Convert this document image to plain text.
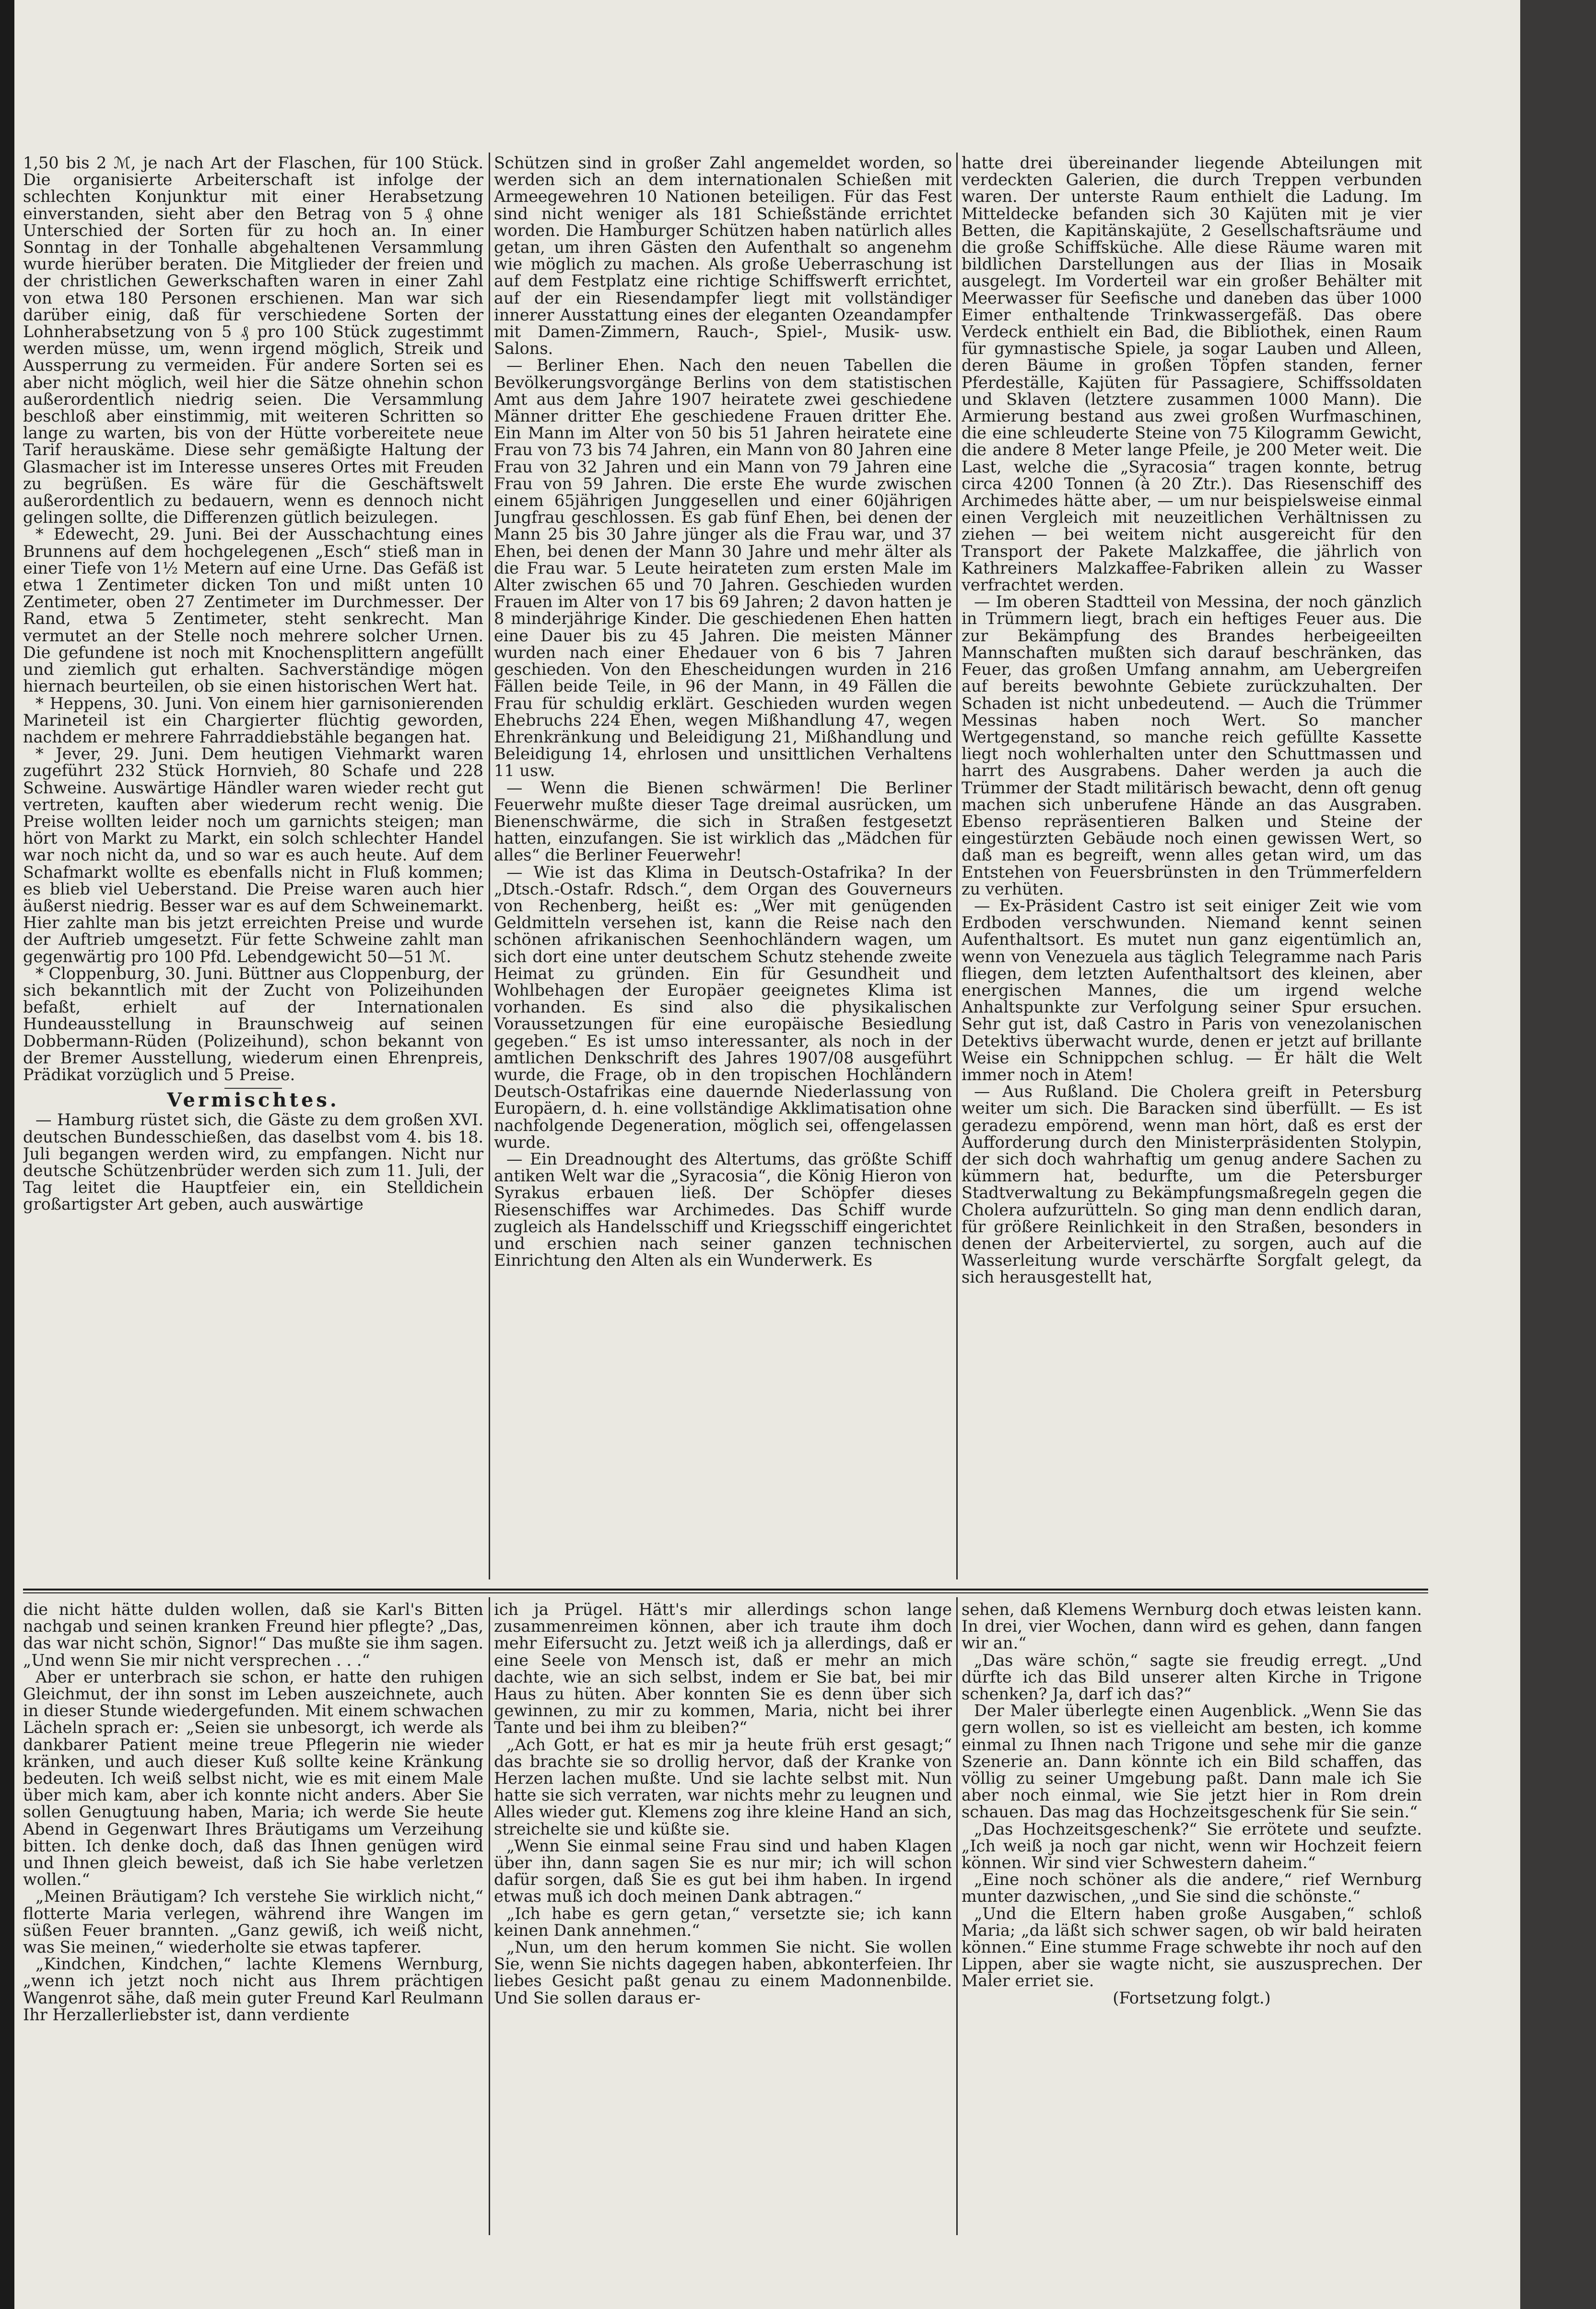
1,50 bis 2 ℳ, je nach Art der Flaschen, für 100 Stück. Die organisierte Arbeiterschaft ist infolge der schlechten Konjunktur mit einer Herabsetzung einverstanden, sieht aber den Betrag von 5 ₰ ohne Unterschied der Sorten für zu hoch an. In einer Sonntag in der Tonhalle abgehaltenen Versammlung wurde hierüber beraten. Die Mitglieder der freien und der christlichen Gewerkschaften waren in einer Zahl von etwa 180 Personen erschienen. Man war sich darüber einig, daß für verschiedene Sorten der Lohnherabsetzung von 5 ₰ pro 100 Stück zugestimmt werden müsse, um, wenn irgend möglich, Streik und Aussperrung zu vermeiden. Für andere Sorten sei es aber nicht möglich, weil hier die Sätze ohnehin schon außerordentlich niedrig seien. Die Versammlung beschloß aber einstimmig, mit weiteren Schritten so lange zu warten, bis von der Hütte vorbereitete neue Tarif herauskäme. Diese sehr gemäßigte Haltung der Glasmacher ist im Interesse unseres Ortes mit Freuden zu begrüßen. Es wäre für die Geschäftswelt außerordentlich zu bedauern, wenn es dennoch nicht gelingen sollte, die Differenzen gütlich beizulegen.

* Edewecht, 29. Juni. Bei der Ausschachtung eines Brunnens auf dem hochgelegenen „Esch“ stieß man in einer Tiefe von 1½ Metern auf eine Urne. Das Gefäß ist etwa 1 Zentimeter dicken Ton und mißt unten 10 Zentimeter, oben 27 Zentimeter im Durchmesser. Der Rand, etwa 5 Zentimeter, steht senkrecht. Man vermutet an der Stelle noch mehrere solcher Urnen. Die gefundene ist noch mit Knochensplittern angefüllt und ziemlich gut erhalten. Sachverständige mögen hiernach beurteilen, ob sie einen historischen Wert hat.

* Heppens, 30. Juni. Von einem hier garnisonierenden Marineteil ist ein Chargierter flüchtig geworden, nachdem er mehrere Fahrraddiebstähle begangen hat.

* Jever, 29. Juni. Dem heutigen Viehmarkt waren zugeführt 232 Stück Hornvieh, 80 Schafe und 228 Schweine. Auswärtige Händler waren wieder recht gut vertreten, kauften aber wiederum recht wenig. Die Preise wollten leider noch um garnichts steigen; man hört von Markt zu Markt, ein solch schlechter Handel war noch nicht da, und so war es auch heute. Auf dem Schafmarkt wollte es ebenfalls nicht in Fluß kommen; es blieb viel Ueberstand. Die Preise waren auch hier äußerst niedrig. Besser war es auf dem Schweinemarkt. Hier zahlte man bis jetzt erreichten Preise und wurde der Auftrieb umgesetzt. Für fette Schweine zahlt man gegenwärtig pro 100 Pfd. Lebendgewicht 50—51 ℳ.

* Cloppenburg, 30. Juni. Büttner aus Cloppenburg, der sich bekanntlich mit der Zucht von Polizeihunden befaßt, erhielt auf der Internationalen Hundeausstellung in Braunschweig auf seinen Dobbermann-Rüden (Polizeihund), schon bekannt von der Bremer Ausstellung, wiederum einen Ehrenpreis, Prädikat vorzüglich und 5 Preise.

Vermischtes.

— Hamburg rüstet sich, die Gäste zu dem großen XVI. deutschen Bundesschießen, das daselbst vom 4. bis 18. Juli begangen werden wird, zu empfangen. Nicht nur deutsche Schützenbrüder werden sich zum 11. Juli, der Tag leitet die Hauptfeier ein, ein Stelldichein großartigster Art geben, auch auswärtige

Schützen sind in großer Zahl angemeldet worden, so werden sich an dem internationalen Schießen mit Armeegewehren 10 Nationen beteiligen. Für das Fest sind nicht weniger als 181 Schießstände errichtet worden. Die Hamburger Schützen haben natürlich alles getan, um ihren Gästen den Aufenthalt so angenehm wie möglich zu machen. Als große Ueberraschung ist auf dem Festplatz eine richtige Schiffswerft errichtet, auf der ein Riesendampfer liegt mit vollständiger innerer Ausstattung eines der eleganten Ozeandampfer mit Damen-Zimmern, Rauch-, Spiel-, Musik- usw. Salons.

— Berliner Ehen. Nach den neuen Tabellen die Bevölkerungsvorgänge Berlins von dem statistischen Amt aus dem Jahre 1907 heiratete zwei geschiedene Männer dritter Ehe geschiedene Frauen dritter Ehe. Ein Mann im Alter von 50 bis 51 Jahren heiratete eine Frau von 73 bis 74 Jahren, ein Mann von 80 Jahren eine Frau von 32 Jahren und ein Mann von 79 Jahren eine Frau von 59 Jahren. Die erste Ehe wurde zwischen einem 65jährigen Junggesellen und einer 60jährigen Jungfrau geschlossen. Es gab fünf Ehen, bei denen der Mann 25 bis 30 Jahre jünger als die Frau war, und 37 Ehen, bei denen der Mann 30 Jahre und mehr älter als die Frau war. 5 Leute heirateten zum ersten Male im Alter zwischen 65 und 70 Jahren. Geschieden wurden Frauen im Alter von 17 bis 69 Jahren; 2 davon hatten je 8 minderjährige Kinder. Die geschiedenen Ehen hatten eine Dauer bis zu 45 Jahren. Die meisten Männer wurden nach einer Ehedauer von 6 bis 7 Jahren geschieden. Von den Ehescheidungen wurden in 216 Fällen beide Teile, in 96 der Mann, in 49 Fällen die Frau für schuldig erklärt. Geschieden wurden wegen Ehebruchs 224 Ehen, wegen Mißhandlung 47, wegen Ehrenkränkung und Beleidigung 21, Mißhandlung und Beleidigung 14, ehrlosen und unsittlichen Verhaltens 11 usw.

— Wenn die Bienen schwärmen! Die Berliner Feuerwehr mußte dieser Tage dreimal ausrücken, um Bienenschwärme, die sich in Straßen festgesetzt hatten, einzufangen. Sie ist wirklich das „Mädchen für alles“ die Berliner Feuerwehr!

— Wie ist das Klima in Deutsch-Ostafrika? In der „Dtsch.-Ostafr. Rdsch.“, dem Organ des Gouverneurs von Rechenberg, heißt es: „Wer mit genügenden Geldmitteln versehen ist, kann die Reise nach den schönen afrikanischen Seenhochländern wagen, um sich dort eine unter deutschem Schutz stehende zweite Heimat zu gründen. Ein für Gesundheit und Wohlbehagen der Europäer geeignetes Klima ist vorhanden. Es sind also die physikalischen Voraussetzungen für eine europäische Besiedlung gegeben.“ Es ist umso interessanter, als noch in der amtlichen Denkschrift des Jahres 1907/08 ausgeführt wurde, die Frage, ob in den tropischen Hochländern Deutsch-Ostafrikas eine dauernde Niederlassung von Europäern, d. h. eine vollständige Akklimatisation ohne nachfolgende Degeneration, möglich sei, offengelassen wurde.

— Ein Dreadnought des Altertums, das größte Schiff antiken Welt war die „Syracosia“, die König Hieron von Syrakus erbauen ließ. Der Schöpfer dieses Riesenschiffes war Archimedes. Das Schiff wurde zugleich als Handelsschiff und Kriegsschiff eingerichtet und erschien nach seiner ganzen technischen Einrichtung den Alten als ein Wunderwerk. Es

hatte drei übereinander liegende Abteilungen mit verdeckten Galerien, die durch Treppen verbunden waren. Der unterste Raum enthielt die Ladung. Im Mitteldecke befanden sich 30 Kajüten mit je vier Betten, die Kapitänskajüte, 2 Gesellschaftsräume und die große Schiffsküche. Alle diese Räume waren mit bildlichen Darstellungen aus der Ilias in Mosaik ausgelegt. Im Vorderteil war ein großer Behälter mit Meerwasser für Seefische und daneben das über 1000 Eimer enthaltende Trinkwassergefäß. Das obere Verdeck enthielt ein Bad, die Bibliothek, einen Raum für gymnastische Spiele, ja sogar Lauben und Alleen, deren Bäume in großen Töpfen standen, ferner Pferdeställe, Kajüten für Passagiere, Schiffssoldaten und Sklaven (letztere zusammen 1000 Mann). Die Armierung bestand aus zwei großen Wurfmaschinen, die eine schleuderte Steine von 75 Kilogramm Gewicht, die andere 8 Meter lange Pfeile, je 200 Meter weit. Die Last, welche die „Syracosia“ tragen konnte, betrug circa 4200 Tonnen (à 20 Ztr.). Das Riesenschiff des Archimedes hätte aber, — um nur beispielsweise einmal einen Vergleich mit neuzeitlichen Verhältnissen zu ziehen — bei weitem nicht ausgereicht für den Transport der Pakete Malzkaffee, die jährlich von Kathreiners Malzkaffee-Fabriken allein zu Wasser verfrachtet werden.

— Im oberen Stadtteil von Messina, der noch gänzlich in Trümmern liegt, brach ein heftiges Feuer aus. Die zur Bekämpfung des Brandes herbeigeeilten Mannschaften mußten sich darauf beschränken, das Feuer, das großen Umfang annahm, am Uebergreifen auf bereits bewohnte Gebiete zurückzuhalten. Der Schaden ist nicht unbedeutend. — Auch die Trümmer Messinas haben noch Wert. So mancher Wertgegenstand, so manche reich gefüllte Kassette liegt noch wohlerhalten unter den Schuttmassen und harrt des Ausgrabens. Daher werden ja auch die Trümmer der Stadt militärisch bewacht, denn oft genug machen sich unberufene Hände an das Ausgraben. Ebenso repräsentieren Balken und Steine der eingestürzten Gebäude noch einen gewissen Wert, so daß man es begreift, wenn alles getan wird, um das Entstehen von Feuersbrünsten in den Trümmerfeldern zu verhüten.

— Ex-Präsident Castro ist seit einiger Zeit wie vom Erdboden verschwunden. Niemand kennt seinen Aufenthaltsort. Es mutet nun ganz eigentümlich an, wenn von Venezuela aus täglich Telegramme nach Paris fliegen, dem letzten Aufenthaltsort des kleinen, aber energischen Mannes, die um irgend welche Anhaltspunkte zur Verfolgung seiner Spur ersuchen. Sehr gut ist, daß Castro in Paris von venezolanischen Detektivs überwacht wurde, denen er jetzt auf brillante Weise ein Schnippchen schlug. — Er hält die Welt immer noch in Atem!

— Aus Rußland. Die Cholera greift in Petersburg weiter um sich. Die Baracken sind überfüllt. — Es ist geradezu empörend, wenn man hört, daß es erst der Aufforderung durch den Ministerpräsidenten Stolypin, der sich doch wahrhaftig um genug andere Sachen zu kümmern hat, bedurfte, um die Petersburger Stadtverwaltung zu Bekämpfungsmaßregeln gegen die Cholera aufzurütteln. So ging man denn endlich daran, für größere Reinlichkeit in den Straßen, besonders in denen der Arbeiterviertel, zu sorgen, auch auf die Wasserleitung wurde verschärfte Sorgfalt gelegt, da sich herausgestellt hat,

die nicht hätte dulden wollen, daß sie Karl's Bitten nachgab und seinen kranken Freund hier pflegte? „Das, das war nicht schön, Signor!“ Das mußte sie ihm sagen. „Und wenn Sie mir nicht versprechen . . .“

Aber er unterbrach sie schon, er hatte den ruhigen Gleichmut, der ihn sonst im Leben auszeichnete, auch in dieser Stunde wiedergefunden. Mit einem schwachen Lächeln sprach er: „Seien sie unbesorgt, ich werde als dankbarer Patient meine treue Pflegerin nie wieder kränken, und auch dieser Kuß sollte keine Kränkung bedeuten. Ich weiß selbst nicht, wie es mit einem Male über mich kam, aber ich konnte nicht anders. Aber Sie sollen Genugtuung haben, Maria; ich werde Sie heute Abend in Gegenwart Ihres Bräutigams um Verzeihung bitten. Ich denke doch, daß das Ihnen genügen wird und Ihnen gleich beweist, daß ich Sie habe verletzen wollen.“

„Meinen Bräutigam? Ich verstehe Sie wirklich nicht,“ flotterte Maria verlegen, während ihre Wangen im süßen Feuer brannten. „Ganz gewiß, ich weiß nicht, was Sie meinen,“ wiederholte sie etwas tapferer.

„Kindchen, Kindchen,“ lachte Klemens Wernburg, „wenn ich jetzt noch nicht aus Ihrem prächtigen Wangenrot sähe, daß mein guter Freund Karl Reulmann Ihr Herzallerliebster ist, dann verdiente

ich ja Prügel. Hätt's mir allerdings schon lange zusammenreimen können, aber ich traute ihm doch mehr Eifersucht zu. Jetzt weiß ich ja allerdings, daß er eine Seele von Mensch ist, daß er mehr an mich dachte, wie an sich selbst, indem er Sie bat, bei mir Haus zu hüten. Aber konnten Sie es denn über sich gewinnen, zu mir zu kommen, Maria, nicht bei ihrer Tante und bei ihm zu bleiben?“

„Ach Gott, er hat es mir ja heute früh erst gesagt;“ das brachte sie so drollig hervor, daß der Kranke von Herzen lachen mußte. Und sie lachte selbst mit. Nun hatte sie sich verraten, war nichts mehr zu leugnen und Alles wieder gut. Klemens zog ihre kleine Hand an sich, streichelte sie und küßte sie.

„Wenn Sie einmal seine Frau sind und haben Klagen über ihn, dann sagen Sie es nur mir; ich will schon dafür sorgen, daß Sie es gut bei ihm haben. In irgend etwas muß ich doch meinen Dank abtragen.“

„Ich habe es gern getan,“ versetzte sie; ich kann keinen Dank annehmen.“

„Nun, um den herum kommen Sie nicht. Sie wollen Sie, wenn Sie nichts dagegen haben, abkonterfeien. Ihr liebes Gesicht paßt genau zu einem Madonnenbilde. Und Sie sollen daraus er-

sehen, daß Klemens Wernburg doch etwas leisten kann. In drei, vier Wochen, dann wird es gehen, dann fangen wir an.“

„Das wäre schön,“ sagte sie freudig erregt. „Und dürfte ich das Bild unserer alten Kirche in Trigone schenken? Ja, darf ich das?“

Der Maler überlegte einen Augenblick. „Wenn Sie das gern wollen, so ist es vielleicht am besten, ich komme einmal zu Ihnen nach Trigone und sehe mir die ganze Szenerie an. Dann könnte ich ein Bild schaffen, das völlig zu seiner Umgebung paßt. Dann male ich Sie aber noch einmal, wie Sie jetzt hier in Rom drein schauen. Das mag das Hochzeitsgeschenk für Sie sein.“

„Das Hochzeitsgeschenk?“ Sie errötete und seufzte. „Ich weiß ja noch gar nicht, wenn wir Hochzeit feiern können. Wir sind vier Schwestern daheim.“

„Eine noch schöner als die andere,“ rief Wernburg munter dazwischen, „und Sie sind die schönste.“

„Und die Eltern haben große Ausgaben,“ schloß Maria; „da läßt sich schwer sagen, ob wir bald heiraten können.“ Eine stumme Frage schwebte ihr noch auf den Lippen, aber sie wagte nicht, sie auszusprechen. Der Maler erriet sie.

(Fortsetzung folgt.)
